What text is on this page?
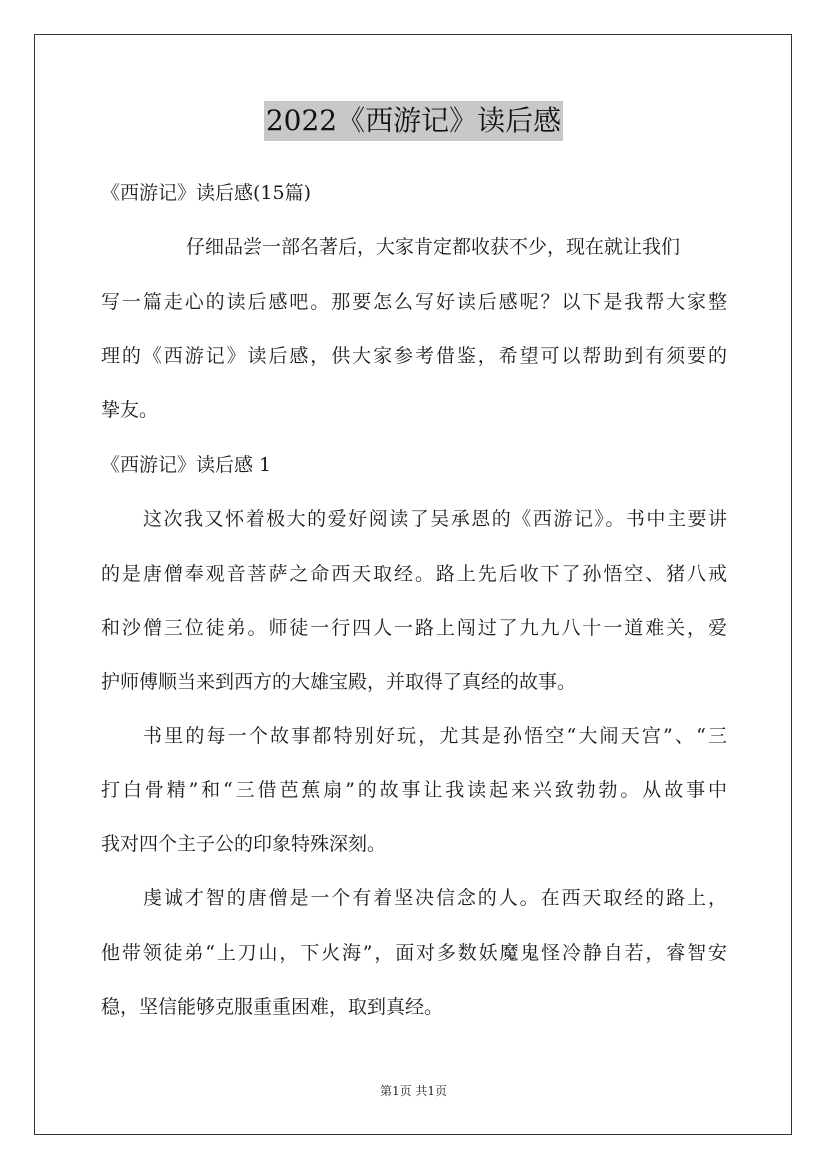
2022《西游记》读后感
《西游记》读后感(15篇)
仔细品尝一部名著后，大家肯定都收获不少，现在就让我们
写一篇走心的读后感吧。那要怎么写好读后感呢？以下是我帮大家整
理的《西游记》读后感，供大家参考借鉴，希望可以帮助到有须要的
挚友。
《西游记》读后感 1
这次我又怀着极大的爱好阅读了吴承恩的《西游记》。书中主要讲
的是唐僧奉观音菩萨之命西天取经。路上先后收下了孙悟空、猪八戒
和沙僧三位徒弟。师徒一行四人一路上闯过了九九八十一道难关，爱
护师傅顺当来到西方的大雄宝殿，并取得了真经的故事。
书里的每一个故事都特别好玩，尤其是孙悟空“大闹天宫”、“三
打白骨精”和“三借芭蕉扇”的故事让我读起来兴致勃勃。从故事中
我对四个主子公的印象特殊深刻。
虔诚才智的唐僧是一个有着坚决信念的人。在西天取经的路上，
他带领徒弟“上刀山，下火海”，面对多数妖魔鬼怪冷静自若，睿智安
稳，坚信能够克服重重困难，取到真经。
第1页 共1页
